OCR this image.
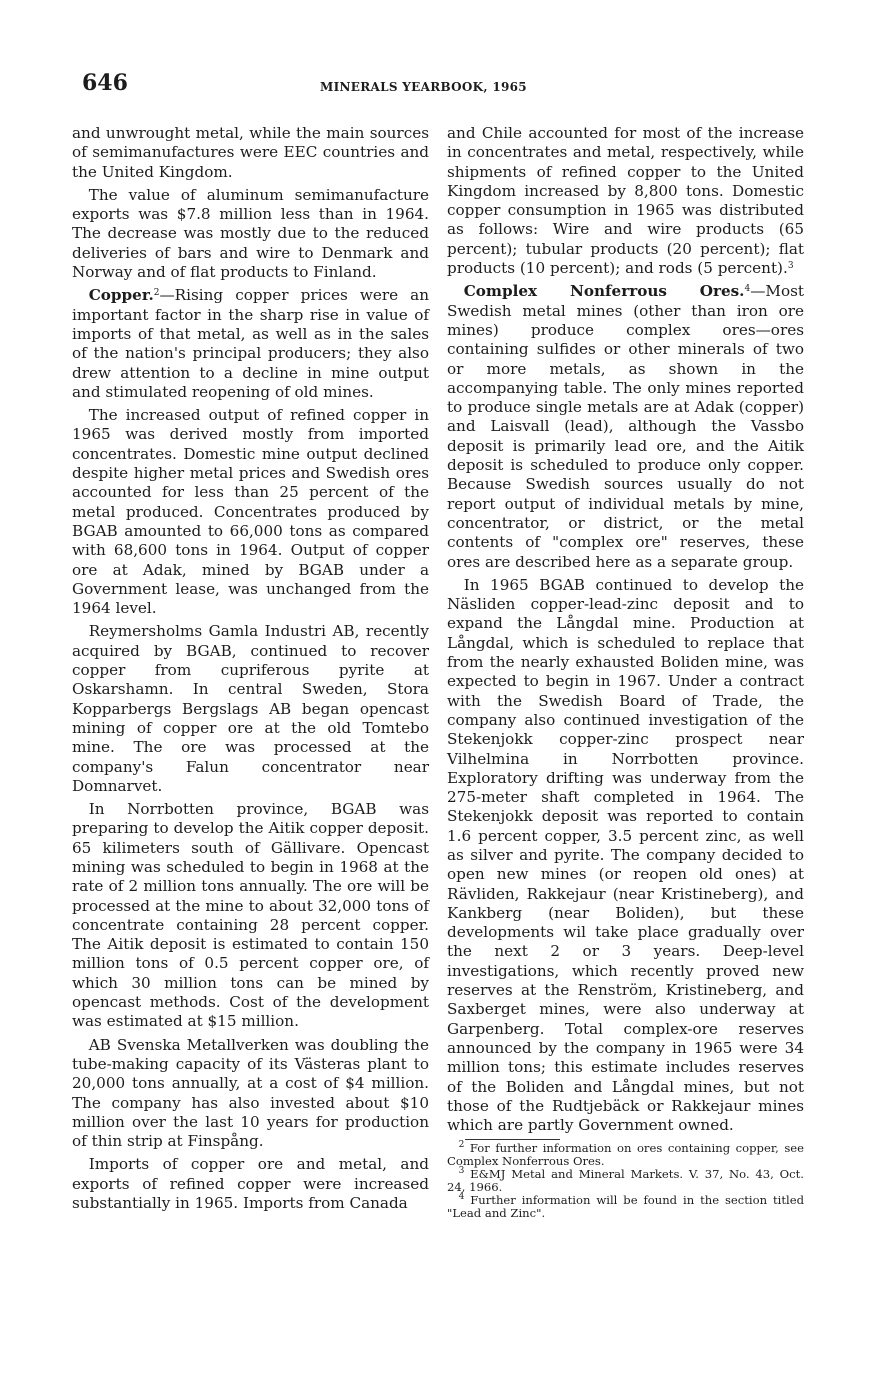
646	MINERALS YEARBOOK, 1965

and unwrought metal, while the main sources of semimanufactures were EEC countries and the United Kingdom.

The value of aluminum semimanufacture exports was $7.8 million less than in 1964. The decrease was mostly due to the reduced deliveries of bars and wire to Denmark and Norway and of flat products to Finland.

Copper.$^2$—Rising copper prices were an important factor in the sharp rise in value of imports of that metal, as well as in the sales of the nation's principal producers; they also drew attention to a decline in mine output and stimulated reopening of old mines.

The increased output of refined copper in 1965 was derived mostly from imported concentrates. Domestic mine output declined despite higher metal prices and Swedish ores accounted for less than 25 percent of the metal produced. Concentrates produced by BGAB amounted to 66,000 tons as compared with 68,600 tons in 1964. Output of copper ore at Adak, mined by BGAB under a Government lease, was unchanged from the 1964 level.

Reymersholms Gamla Industri AB, recently acquired by BGAB, continued to recover copper from cupriferous pyrite at Oskarshamn. In central Sweden, Stora Kopparbergs Bergslags AB began opencast mining of copper ore at the old Tomtebo mine. The ore was processed at the company's Falun concentrator near Domnarvet.

In Norrbotten province, BGAB was preparing to develop the Aitik copper deposit. 65 kilimeters south of Gällivare. Opencast mining was scheduled to begin in 1968 at the rate of 2 million tons annually. The ore will be processed at the mine to about 32,000 tons of concentrate containing 28 percent copper. The Aitik deposit is estimated to contain 150 million tons of 0.5 percent copper ore, of which 30 million tons can be mined by opencast methods. Cost of the development was estimated at $15 million.

AB Svenska Metallverken was doubling the tube-making capacity of its Västeras plant to 20,000 tons annually, at a cost of $4 million. The company has also invested about $10 million over the last 10 years for production of thin strip at Finspång.

Imports of copper ore and metal, and exports of refined copper were increased substantially in 1965. Imports from Canada

and Chile accounted for most of the increase in concentrates and metal, respectively, while shipments of refined copper to the United Kingdom increased by 8,800 tons. Domestic copper consumption in 1965 was distributed as follows: Wire and wire products (65 percent); tubular products (20 percent); flat products (10 percent); and rods (5 percent).$^3$

Complex Nonferrous Ores.$^4$—Most Swedish metal mines (other than iron ore mines) produce complex ores—ores containing sulfides or other minerals of two or more metals, as shown in the accompanying table. The only mines reported to produce single metals are at Adak (copper) and Laisvall (lead), although the Vassbo deposit is primarily lead ore, and the Aitik deposit is scheduled to produce only copper. Because Swedish sources usually do not report output of individual metals by mine, concentrator, or district, or the metal contents of "complex ore" reserves, these ores are described here as a separate group.

In 1965 BGAB continued to develop the Näsliden copper-lead-zinc deposit and to expand the Långdal mine. Production at Långdal, which is scheduled to replace that from the nearly exhausted Boliden mine, was expected to begin in 1967. Under a contract with the Swedish Board of Trade, the company also continued investigation of the Stekenjokk copper-zinc prospect near Vilhelmina in Norrbotten province. Exploratory drifting was underway from the 275-meter shaft completed in 1964. The Stekenjokk deposit was reported to contain 1.6 percent copper, 3.5 percent zinc, as well as silver and pyrite. The company decided to open new mines (or reopen old ones) at Rävliden, Rakkejaur (near Kristineberg), and Kankberg (near Boliden), but these developments wil take place gradually over the next 2 or 3 years. Deep-level investigations, which recently proved new reserves at the Renström, Kristineberg, and Saxberget mines, were also underway at Garpenberg. Total complex-ore reserves announced by the company in 1965 were 34 million tons; this estimate includes reserves of the Boliden and Långdal mines, but not those of the Rudtjebäck or Rakkejaur mines which are partly Government owned.

$^2$ For further information on ores containing copper, see Complex Nonferrous Ores.

$^3$ E&MJ Metal and Mineral Markets. V. 37, No. 43, Oct. 24, 1966.

$^4$ Further information will be found in the section titled "Lead and Zinc".
